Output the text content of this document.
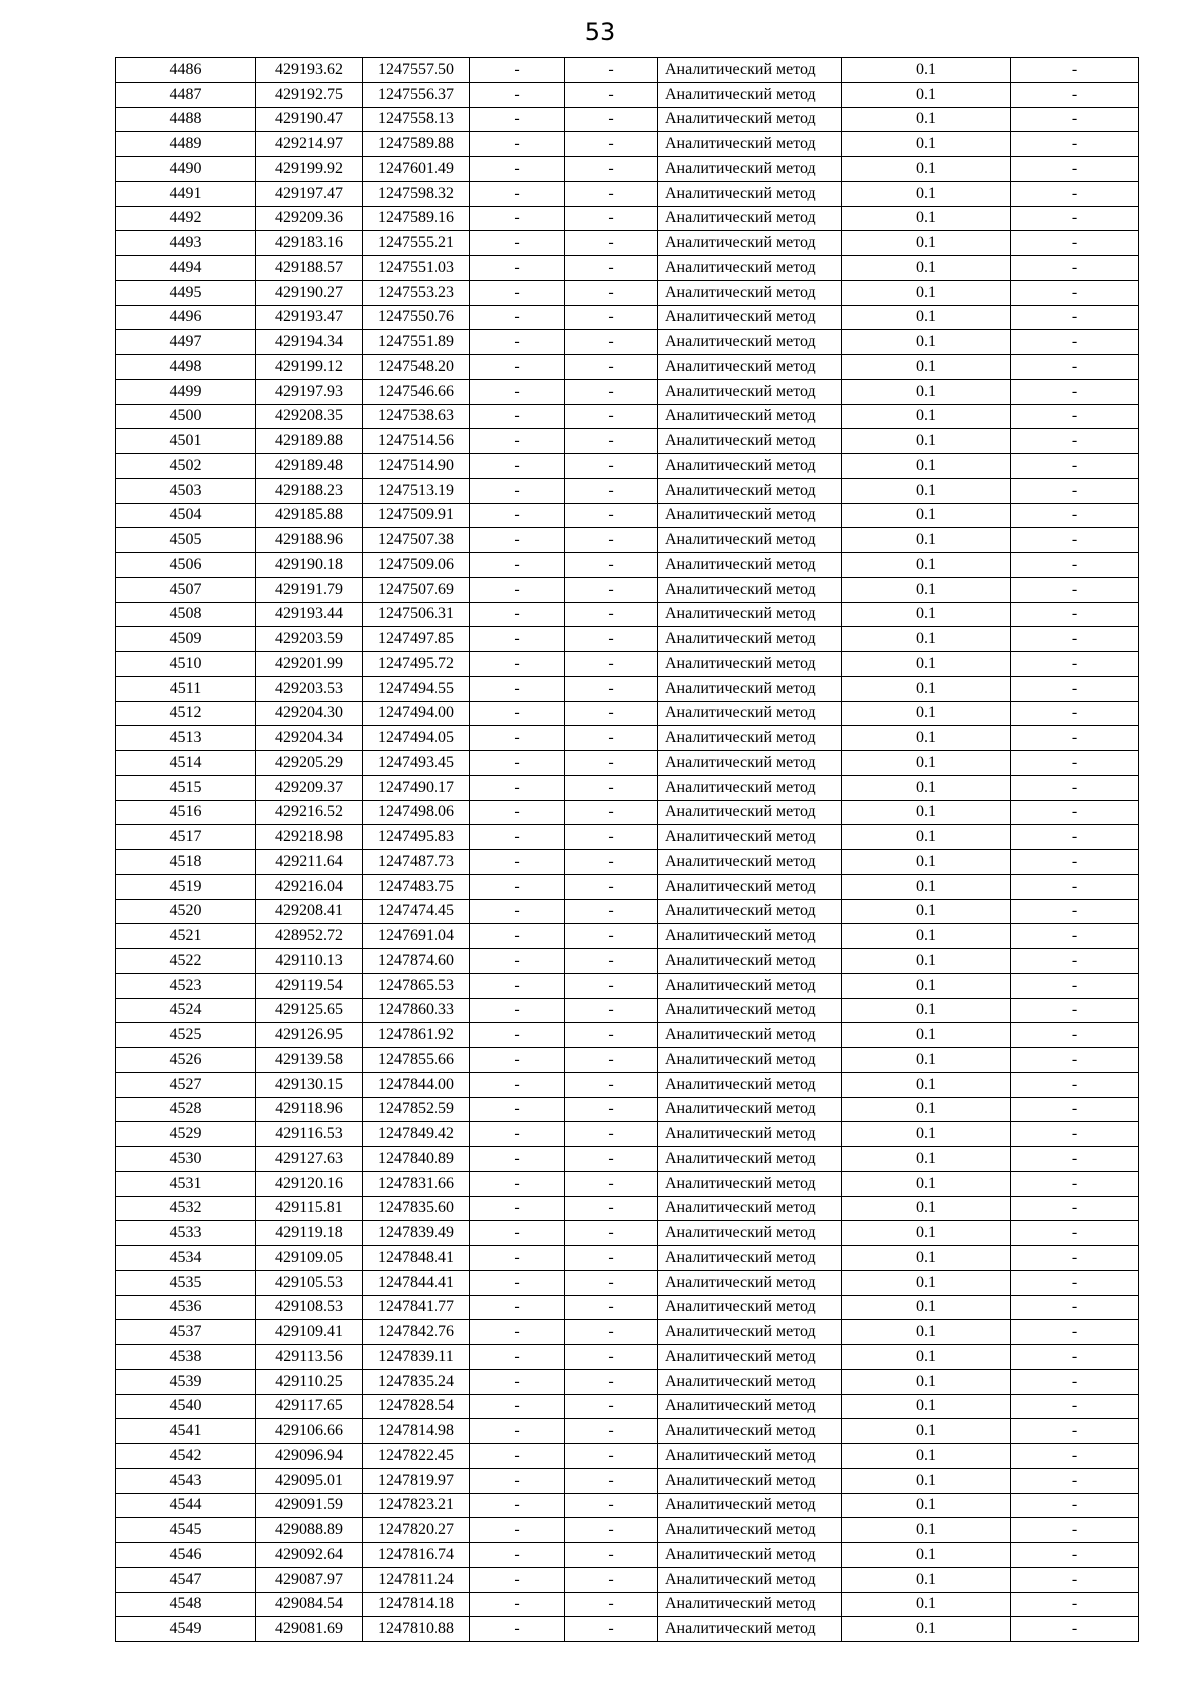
53
4486	429193.62	1247557.50	-	-	Аналитический метод	0.1	-
4487	429192.75	1247556.37	-	-	Аналитический метод	0.1	-
4488	429190.47	1247558.13	-	-	Аналитический метод	0.1	-
4489	429214.97	1247589.88	-	-	Аналитический метод	0.1	-
4490	429199.92	1247601.49	-	-	Аналитический метод	0.1	-
4491	429197.47	1247598.32	-	-	Аналитический метод	0.1	-
4492	429209.36	1247589.16	-	-	Аналитический метод	0.1	-
4493	429183.16	1247555.21	-	-	Аналитический метод	0.1	-
4494	429188.57	1247551.03	-	-	Аналитический метод	0.1	-
4495	429190.27	1247553.23	-	-	Аналитический метод	0.1	-
4496	429193.47	1247550.76	-	-	Аналитический метод	0.1	-
4497	429194.34	1247551.89	-	-	Аналитический метод	0.1	-
4498	429199.12	1247548.20	-	-	Аналитический метод	0.1	-
4499	429197.93	1247546.66	-	-	Аналитический метод	0.1	-
4500	429208.35	1247538.63	-	-	Аналитический метод	0.1	-
4501	429189.88	1247514.56	-	-	Аналитический метод	0.1	-
4502	429189.48	1247514.90	-	-	Аналитический метод	0.1	-
4503	429188.23	1247513.19	-	-	Аналитический метод	0.1	-
4504	429185.88	1247509.91	-	-	Аналитический метод	0.1	-
4505	429188.96	1247507.38	-	-	Аналитический метод	0.1	-
4506	429190.18	1247509.06	-	-	Аналитический метод	0.1	-
4507	429191.79	1247507.69	-	-	Аналитический метод	0.1	-
4508	429193.44	1247506.31	-	-	Аналитический метод	0.1	-
4509	429203.59	1247497.85	-	-	Аналитический метод	0.1	-
4510	429201.99	1247495.72	-	-	Аналитический метод	0.1	-
4511	429203.53	1247494.55	-	-	Аналитический метод	0.1	-
4512	429204.30	1247494.00	-	-	Аналитический метод	0.1	-
4513	429204.34	1247494.05	-	-	Аналитический метод	0.1	-
4514	429205.29	1247493.45	-	-	Аналитический метод	0.1	-
4515	429209.37	1247490.17	-	-	Аналитический метод	0.1	-
4516	429216.52	1247498.06	-	-	Аналитический метод	0.1	-
4517	429218.98	1247495.83	-	-	Аналитический метод	0.1	-
4518	429211.64	1247487.73	-	-	Аналитический метод	0.1	-
4519	429216.04	1247483.75	-	-	Аналитический метод	0.1	-
4520	429208.41	1247474.45	-	-	Аналитический метод	0.1	-
4521	428952.72	1247691.04	-	-	Аналитический метод	0.1	-
4522	429110.13	1247874.60	-	-	Аналитический метод	0.1	-
4523	429119.54	1247865.53	-	-	Аналитический метод	0.1	-
4524	429125.65	1247860.33	-	-	Аналитический метод	0.1	-
4525	429126.95	1247861.92	-	-	Аналитический метод	0.1	-
4526	429139.58	1247855.66	-	-	Аналитический метод	0.1	-
4527	429130.15	1247844.00	-	-	Аналитический метод	0.1	-
4528	429118.96	1247852.59	-	-	Аналитический метод	0.1	-
4529	429116.53	1247849.42	-	-	Аналитический метод	0.1	-
4530	429127.63	1247840.89	-	-	Аналитический метод	0.1	-
4531	429120.16	1247831.66	-	-	Аналитический метод	0.1	-
4532	429115.81	1247835.60	-	-	Аналитический метод	0.1	-
4533	429119.18	1247839.49	-	-	Аналитический метод	0.1	-
4534	429109.05	1247848.41	-	-	Аналитический метод	0.1	-
4535	429105.53	1247844.41	-	-	Аналитический метод	0.1	-
4536	429108.53	1247841.77	-	-	Аналитический метод	0.1	-
4537	429109.41	1247842.76	-	-	Аналитический метод	0.1	-
4538	429113.56	1247839.11	-	-	Аналитический метод	0.1	-
4539	429110.25	1247835.24	-	-	Аналитический метод	0.1	-
4540	429117.65	1247828.54	-	-	Аналитический метод	0.1	-
4541	429106.66	1247814.98	-	-	Аналитический метод	0.1	-
4542	429096.94	1247822.45	-	-	Аналитический метод	0.1	-
4543	429095.01	1247819.97	-	-	Аналитический метод	0.1	-
4544	429091.59	1247823.21	-	-	Аналитический метод	0.1	-
4545	429088.89	1247820.27	-	-	Аналитический метод	0.1	-
4546	429092.64	1247816.74	-	-	Аналитический метод	0.1	-
4547	429087.97	1247811.24	-	-	Аналитический метод	0.1	-
4548	429084.54	1247814.18	-	-	Аналитический метод	0.1	-
4549	429081.69	1247810.88	-	-	Аналитический метод	0.1	-
